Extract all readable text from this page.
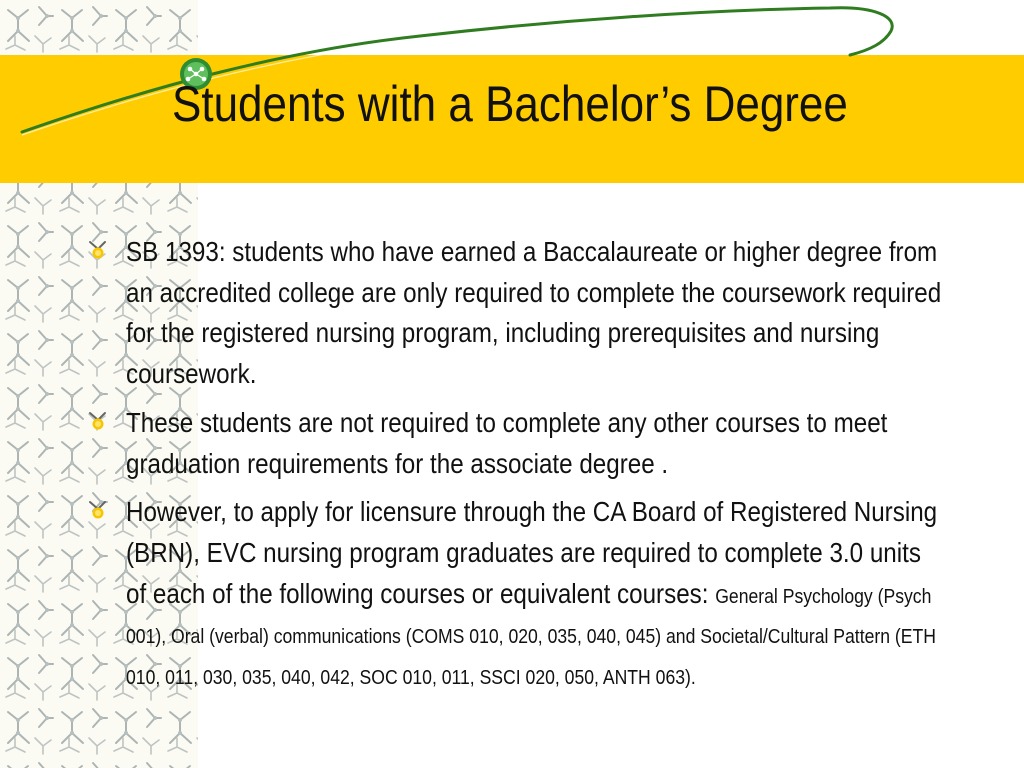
Students with a Bachelor’s Degree
SB 1393: students who have earned a Baccalaureate or higher degree from an accredited college are only required to complete the coursework required for the registered nursing program, including prerequisites and nursing coursework.
These students are not required to complete any other courses to meet graduation requirements for the associate degree .
However, to apply for licensure through the CA Board of Registered Nursing (BRN), EVC nursing program graduates are required to complete 3.0 units of each of the following courses or equivalent courses: General Psychology (Psych 001), Oral (verbal) communications (COMS 010, 020, 035, 040, 045) and Societal/Cultural Pattern (ETH 010, 011, 030, 035, 040, 042, SOC 010, 011, SSCI 020, 050, ANTH 063).
